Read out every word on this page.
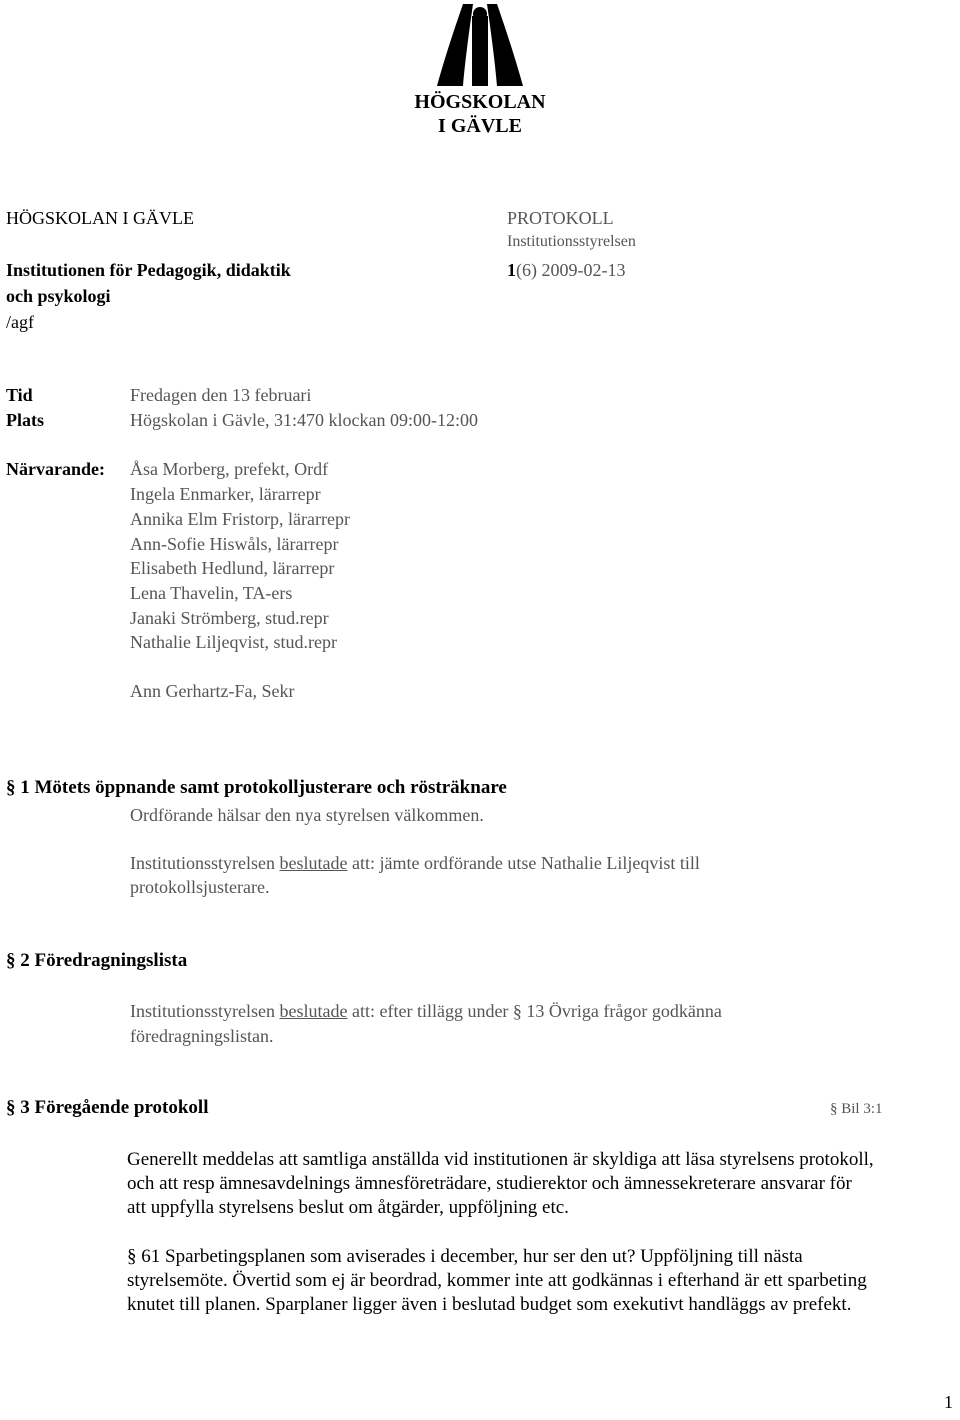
HÖGSKOLAN
I GÄVLE
HÖGSKOLAN I GÄVLE
Institutionen för Pedagogik, didaktik
och psykologi
/agf
PROTOKOLL
Institutionsstyrelsen
1(6) 2009-02-13
Tid	Fredagen den 13 februari
Plats	Högskolan i Gävle, 31:470 klockan 09:00-12:00
Närvarande: Åsa Morberg, prefekt, Ordf
Ingela Enmarker, lärarrepr
Annika Elm Fristorp, lärarrepr
Ann-Sofie Hiswåls, lärarrepr
Elisabeth Hedlund, lärarrepr
Lena Thavelin, TA-ers
Janaki Strömberg, stud.repr
Nathalie Liljeqvist, stud.repr
Ann Gerhartz-Fa, Sekr
§ 1 Mötets öppnande samt protokolljusterare och rösträknare
Ordförande hälsar den nya styrelsen välkommen.
Institutionsstyrelsen beslutade att: jämte ordförande utse Nathalie Liljeqvist till
protokollsjusterare.
§ 2 Föredragningslista
Institutionsstyrelsen beslutade att: efter tillägg under § 13 Övriga frågor godkänna
föredragningslistan.
§ 3 Föregående protokoll	§ Bil 3:1
Generellt meddelas att samtliga anställda vid institutionen är skyldiga att läsa styrelsens protokoll,
och att resp ämnesavdelnings ämnesföreträdare, studierektor och ämnessekreterare ansvarar för
att uppfylla styrelsens beslut om åtgärder, uppföljning etc.
§ 61 Sparbetingsplanen som aviserades i december, hur ser den ut? Uppföljning till nästa
styrelsemöte. Övertid som ej är beordrad, kommer inte att godkännas i efterhand är ett sparbeting
knutet till planen. Sparplaner ligger även i beslutad budget som exekutivt handläggs av prefekt.
1
